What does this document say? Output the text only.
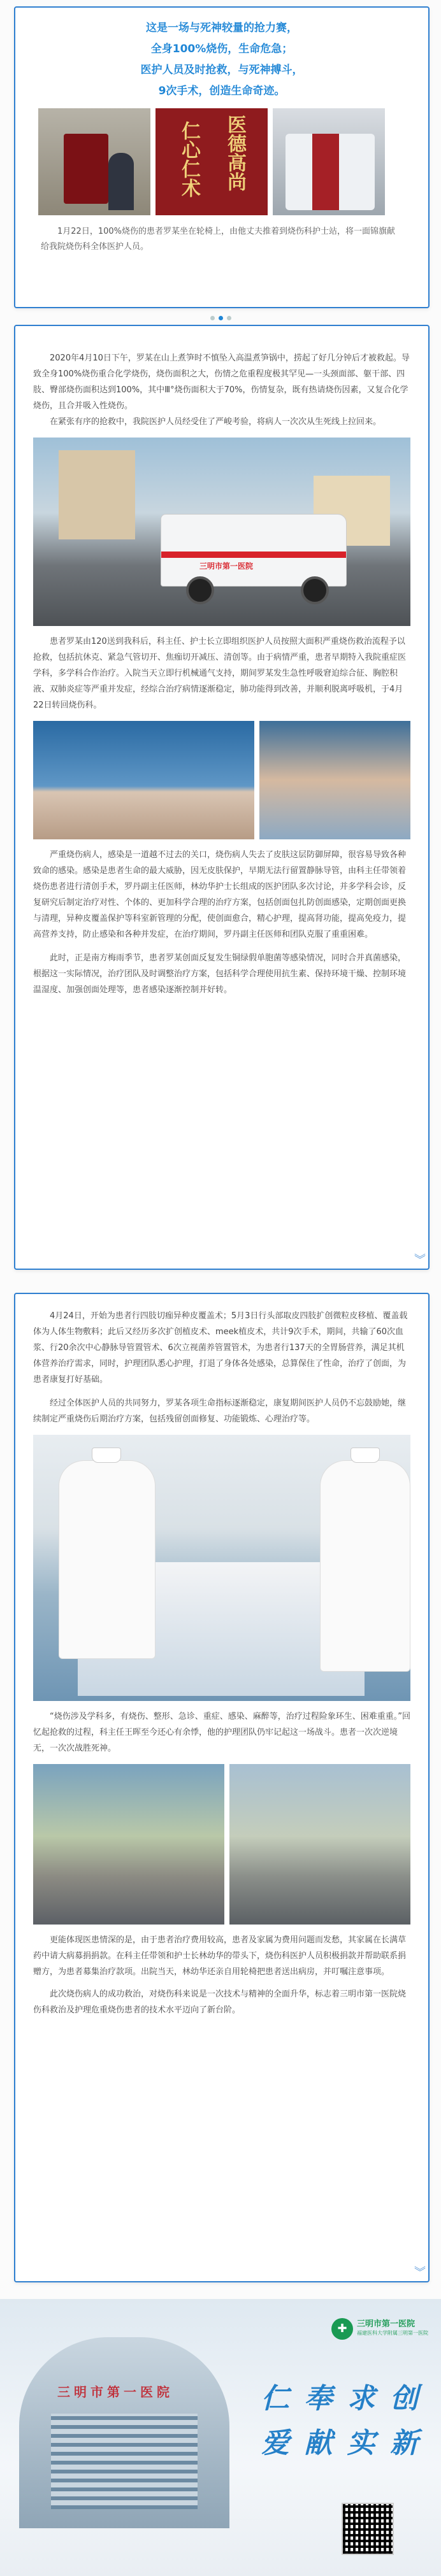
这是一场与死神较量的抢力赛，
全身100%烧伤，生命危急；
医护人员及时抢救，与死神搏斗，
9次手术，创造生命奇迹。
医德高尚
仁心仁术
1月22日，100%烧伤的患者罗某坐在轮椅上，由他丈夫推着到烧伤科护士站，将一面锦旗献给我院烧伤科全体医护人员。

2020年4月10日下午，罗某在山上煮笋时不慎坠入高温煮笋锅中，捞起了好几分钟后才被救起。导致全身100%烧伤重合化学烧伤，烧伤面积之大，伤情之危重程度极其罕见—一头颈面部、躯干部、四肢、臀部烧伤面积达到100%，其中Ⅲ°烧伤面积大于70%，伤情复杂，既有热请烧伤因素，又复合化学烧伤，且合并吸入性烧伤。

在紧张有序的抢救中，我院医护人员经受住了严峻考验，将病人一次次从生死线上拉回来。

三明市第一医院

患者罗某由120送到我科后，科主任、护士长立即组织医护人员按照大面积严重烧伤救治流程予以抢救，包括抗休克、紧急气管切开、焦痂切开减压、清创等。由于病情严重，患者早期特入我院重症医学科，多学科合作治疗。入院当天立即行机械通气支持，期间罗某发生急性呼吸窘迫综合征、胸腔积液、双肺炎症等严重并发症，经综合治疗病情逐渐稳定，肺功能得到改善，并顺利脱离呼吸机，于4月22日转回烧伤科。

严重烧伤病人，感染是一道越不过去的关口，烧伤病人失去了皮肤这层防御屏障，很容易导致各种致命的感染。感染是患者生命的最大威胁，因无皮肤保护，早期无法行留置静脉导管，由科主任带领着烧伤患者进行清创手术，罗丹副主任医师，林幼华护士长组成的医护团队多次讨论，并多学科会诊，反复研究后制定治疗对性、个体的、更加科学合理的治疗方案，包括创面包扎防创面感染，定期创面更换与清理，异种皮覆盖保护等科室新管理的分配，使创面愈合，精心护理，提高肾功能，提高免疫力，提高营养支持，防止感染和各种并发症，在治疗期间，罗丹副主任医师和团队克服了重重困难。

此时，正是南方梅雨季节，患者罗某创面反复发生铜绿假单胞菌等感染情况，同时合并真菌感染，根据这一实际情况，治疗团队及时调整治疗方案，包括科学合理使用抗生素、保持环境干燥、控制环境温湿度、加强创面处理等，患者感染逐渐控制并好转。

︾

4月24日，开始为患者行四肢切痂异种皮覆盖术；5月3日行头部取皮四肢扩创微粒皮移植、覆盖载体为人体生物敷料；此后又经历多次扩创植皮术、meek植皮术，共计9次手术，期间，共输了60次血浆、行20余次中心静脉导管置管术、6次立视菌养管置管术，为患者行137天的全胃肠营养，满足其机体营养治疗需求，同时，护理团队悉心护理，打退了身体各处感染，总算保住了性命，治疗了创面，为患者康复打好基础。

经过全体医护人员的共同努力，罗某各项生命指标逐渐稳定，康复期间医护人员仍不忘鼓励她，继续制定严重烧伤后期治疗方案，包括残留创面修复、功能锻炼、心理治疗等。

“烧伤涉及学科多，有烧伤、整形、急诊、重症、感染、麻醉等，治疗过程险象环生、困难重重。”回忆起抢救的过程，科主任王晖至今还心有余悸，他的护理团队仍牢记起这一场战斗。患者一次次逆境无，一次次战胜死神。

更能体现医患情深的是，由于患者治疗费用较高，患者及家属为费用问题而发愁，其家属在长满草药中请大病募捐捐款。在科主任带领和护士长林幼华的带头下，烧伤科医护人员积极捐款并帮助联系捐赠方，为患者募集治疗款项。出院当天，林幼华还亲自用轮椅把患者送出病房，并叮嘱注意事项。

此次烧伤病人的成功救治，对烧伤科来说是一次技术与精神的全面升华，标志着三明市第一医院烧伤科救治及护理危重烧伤患者的技术水平迈向了新台阶。

︾
三明市第一医院
✚	三明市第一医院
福建医科大学附属三明第一医院
仁 奉 求 创
爱 献 实 新
